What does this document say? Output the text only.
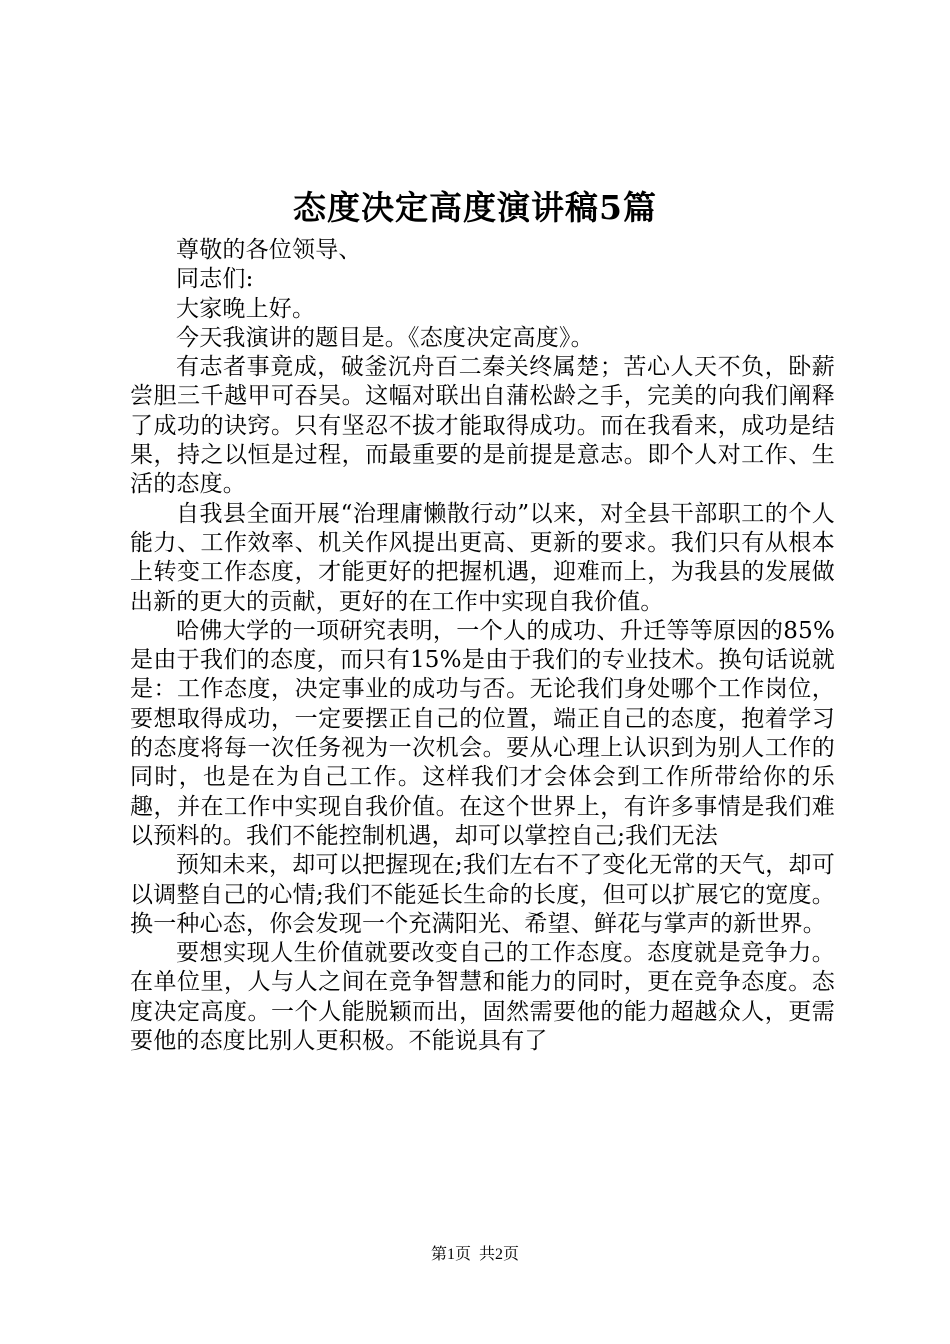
态度决定高度演讲稿5篇

尊敬的各位领导、

同志们:

大家晚上好。

今天我演讲的题目是。《态度决定高度》。

有志者事竟成，破釜沉舟百二秦关终属楚；苦心人天不负，卧薪尝胆三千越甲可吞吴。这幅对联出自蒲松龄之手，完美的向我们阐释了成功的诀窍。只有坚忍不拔才能取得成功。而在我看来，成功是结果，持之以恒是过程，而最重要的是前提是意志。即个人对工作、生活的态度。

自我县全面开展“治理庸懒散行动”以来，对全县干部职工的个人能力、工作效率、机关作风提出更高、更新的要求。我们只有从根本上转变工作态度，才能更好的把握机遇，迎难而上，为我县的发展做出新的更大的贡献，更好的在工作中实现自我价值。

哈佛大学的一项研究表明，一个人的成功、升迁等等原因的85%是由于我们的态度，而只有15%是由于我们的专业技术。换句话说就是：工作态度，决定事业的成功与否。无论我们身处哪个工作岗位，要想取得成功，一定要摆正自己的位置，端正自己的态度，抱着学习的态度将每一次任务视为一次机会。要从心理上认识到为别人工作的同时，也是在为自己工作。这样我们才会体会到工作所带给你的乐趣，并在工作中实现自我价值。在这个世界上，有许多事情是我们难以预料的。我们不能控制机遇，却可以掌控自己;我们无法

预知未来，却可以把握现在;我们左右不了变化无常的天气，却可以调整自己的心情;我们不能延长生命的长度，但可以扩展它的宽度。换一种心态，你会发现一个充满阳光、希望、鲜花与掌声的新世界。

要想实现人生价值就要改变自己的工作态度。态度就是竞争力。在单位里，人与人之间在竞争智慧和能力的同时，更在竞争态度。态度决定高度。一个人能脱颖而出，固然需要他的能力超越众人，更需要他的态度比别人更积极。不能说具有了

第1页 共2页
